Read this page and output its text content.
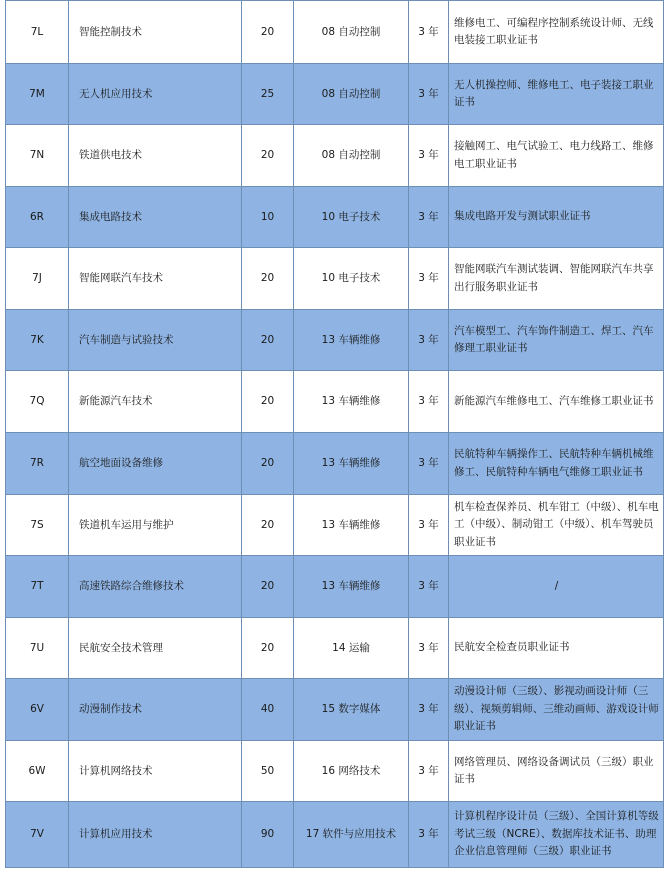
7L	智能控制技术	20	08 自动控制	3 年	维修电工、可编程序控制系统设计师、无线电装接工职业证书
7M	无人机应用技术	25	08 自动控制	3 年	无人机操控师、维修电工、电子装接工职业证书
7N	铁道供电技术	20	08 自动控制	3 年	接触网工、电气试验工、电力线路工、维修电工职业证书
6R	集成电路技术	10	10 电子技术	3 年	集成电路开发与测试职业证书
7J	智能网联汽车技术	20	10 电子技术	3 年	智能网联汽车测试装调、智能网联汽车共享出行服务职业证书
7K	汽车制造与试验技术	20	13 车辆维修	3 年	汽车模型工、汽车饰件制造工、焊工、汽车修理工职业证书
7Q	新能源汽车技术	20	13 车辆维修	3 年	新能源汽车维修电工、汽车维修工职业证书
7R	航空地面设备维修	20	13 车辆维修	3 年	民航特种车辆操作工、民航特种车辆机械维修工、民航特种车辆电气维修工职业证书
7S	铁道机车运用与维护	20	13 车辆维修	3 年	机车检查保养员、机车钳工（中级）、机车电工（中级）、制动钳工（中级）、机车驾驶员职业证书
7T	高速铁路综合维修技术	20	13 车辆维修	3 年	/
7U	民航安全技术管理	20	14 运输	3 年	民航安全检查员职业证书
6V	动漫制作技术	40	15 数字媒体	3 年	动漫设计师（三级）、影视动画设计师（三级）、视频剪辑师、三维动画师、游戏设计师职业证书
6W	计算机网络技术	50	16 网络技术	3 年	网络管理员、网络设备调试员（三级）职业证书
7V	计算机应用技术	90	17 软件与应用技术	3 年	计算机程序设计员（三级）、全国计算机等级考试三级（NCRE）、数据库技术证书、助理企业信息管理师（三级）职业证书
